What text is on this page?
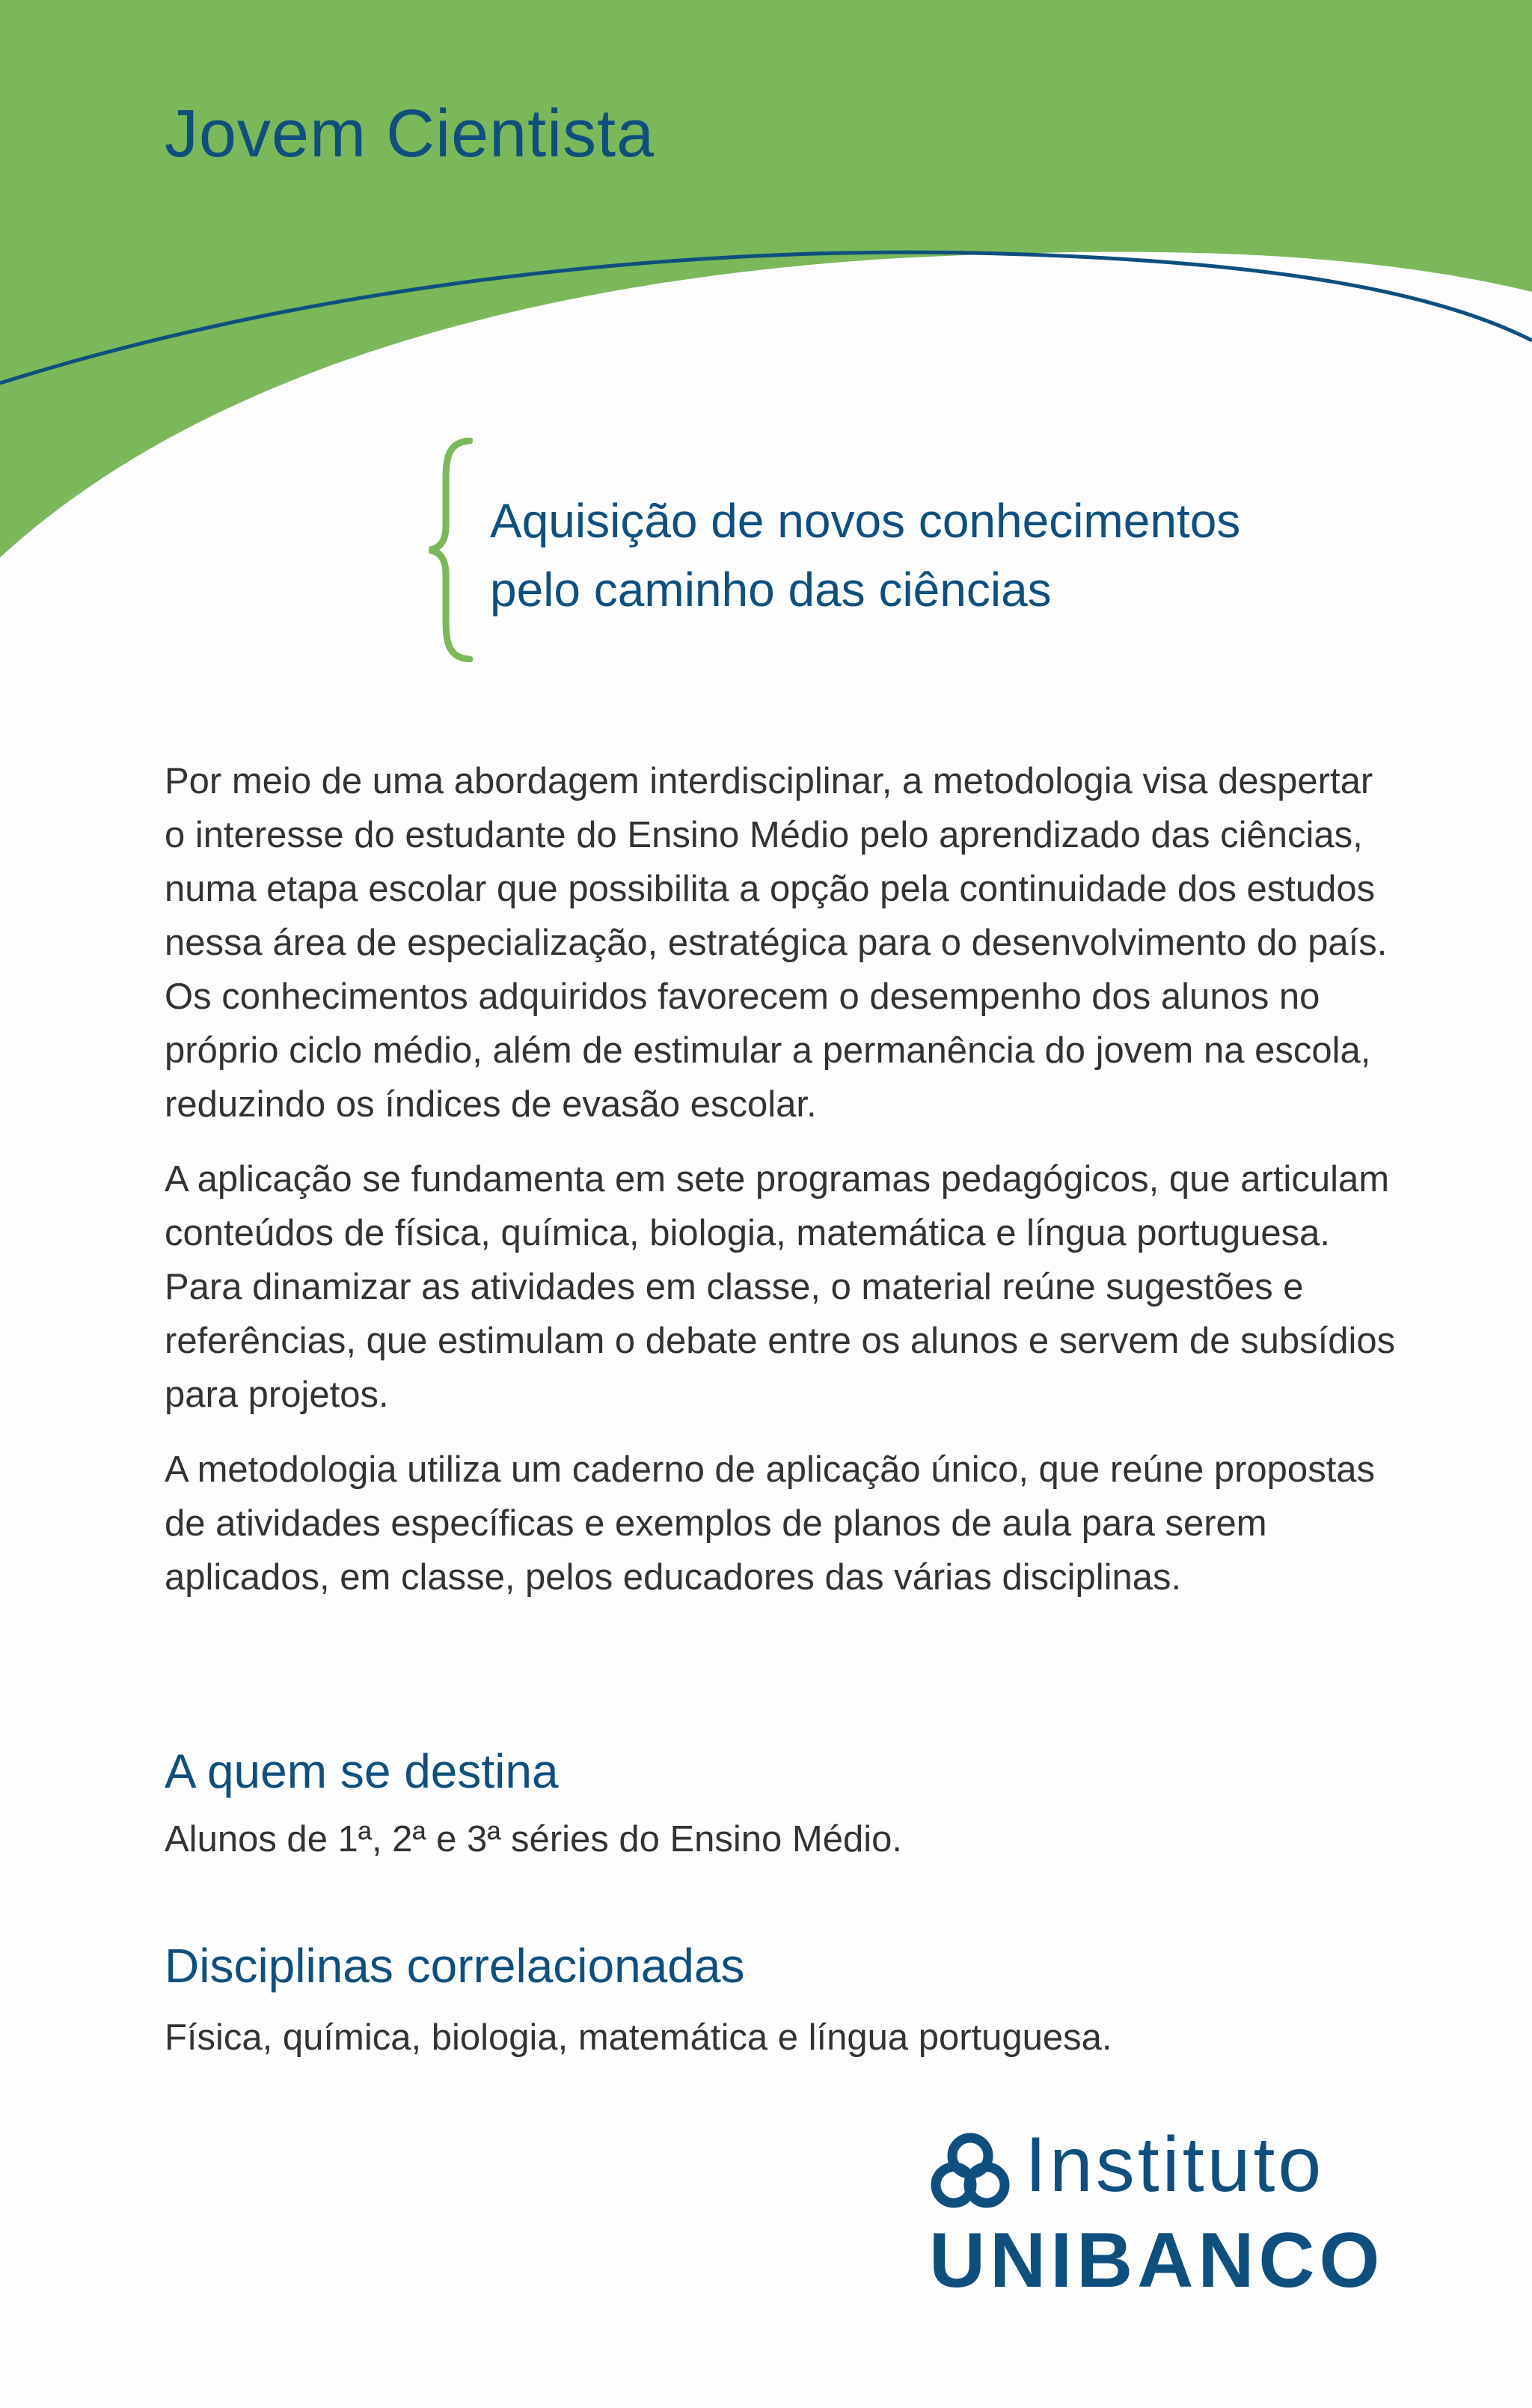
Jovem Cientista
Aquisição de novos conhecimentos
pelo caminho das ciências

Por meio de uma abordagem interdisciplinar, a metodologia visa despertar o interesse do estudante do Ensino Médio pelo aprendizado das ciências, numa etapa escolar que possibilita a opção pela continuidade dos estudos nessa área de especialização, estratégica para o desenvolvimento do país. Os conhecimentos adquiridos favorecem o desempenho dos alunos no próprio ciclo médio, além de estimular a permanência do jovem na escola, reduzindo os índices de evasão escolar.

A aplicação se fundamenta em sete programas pedagógicos, que articulam conteúdos de física, química, biologia, matemática e língua portuguesa. Para dinamizar as atividades em classe, o material reúne sugestões e referências, que estimulam o debate entre os alunos e servem de subsídios para projetos.

A metodologia utiliza um caderno de aplicação único, que reúne propostas de atividades específicas e exemplos de planos de aula para serem aplicados, em classe, pelos educadores das várias disciplinas.

A quem se destina

Alunos de 1ª, 2ª e 3ª séries do Ensino Médio.

Disciplinas correlacionadas

Física, química, biologia, matemática e língua portuguesa.

Instituto
UNIBANCO
